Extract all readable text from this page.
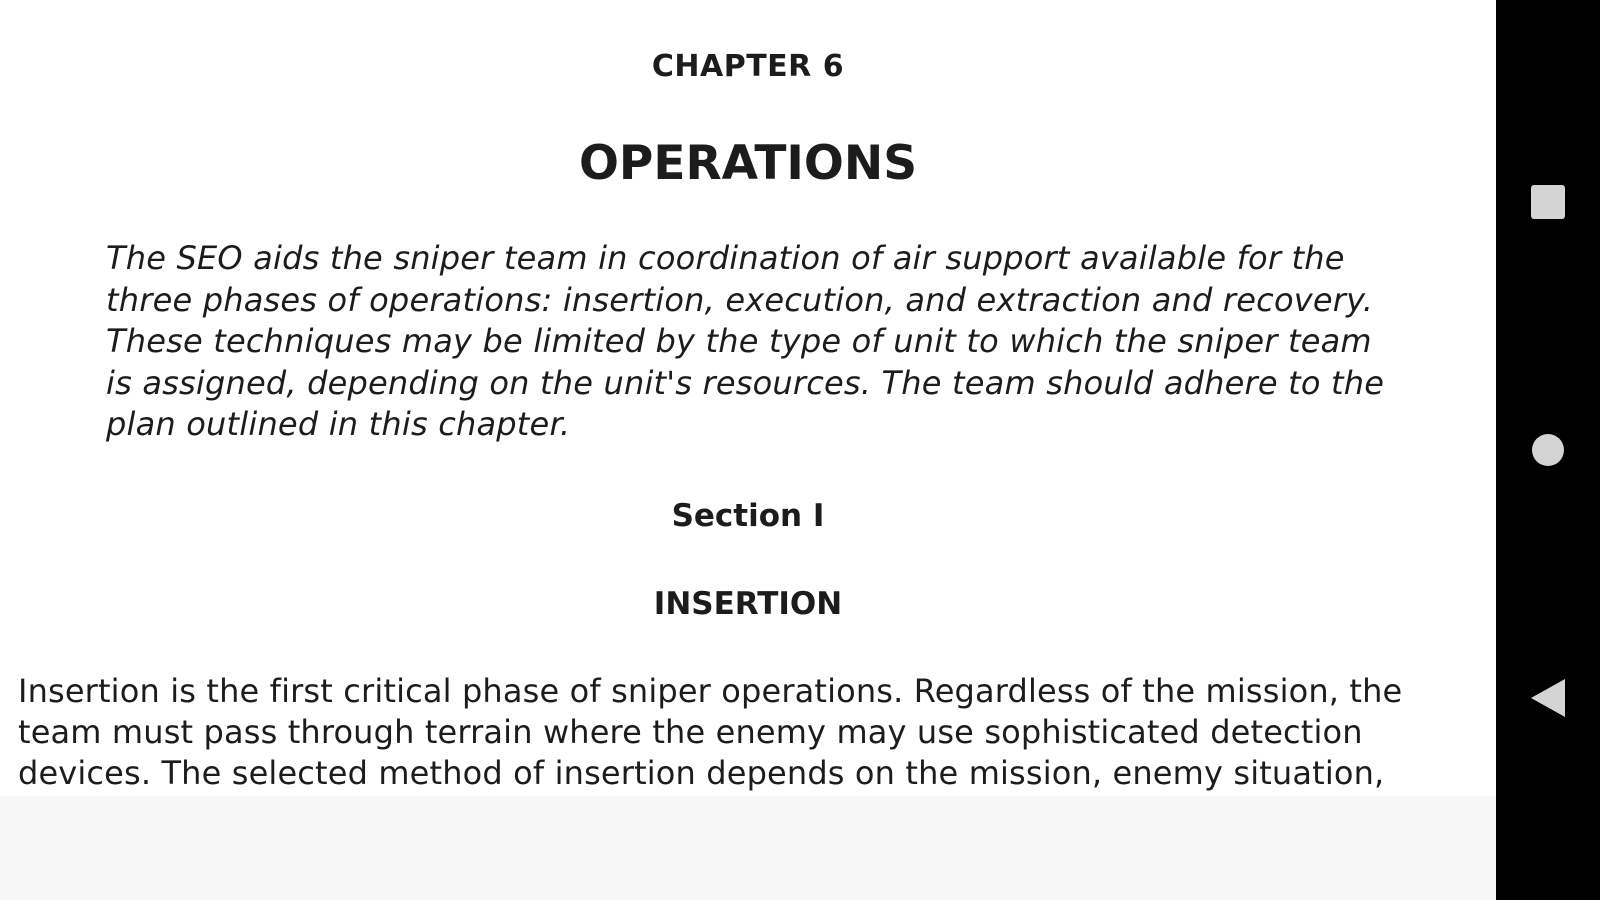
CHAPTER 6
OPERATIONS
The SEO aids the sniper team in coordination of air support available for the three phases of operations: insertion, execution, and extraction and recovery. These techniques may be limited by the type of unit to which the sniper team is assigned, depending on the unit's resources. The team should adhere to the plan outlined in this chapter.
Section I
INSERTION
Insertion is the first critical phase of sniper operations. Regardless of the mission, the team must pass through terrain where the enemy may use sophisticated detection devices. The selected method of insertion depends on the mission, enemy situation,
